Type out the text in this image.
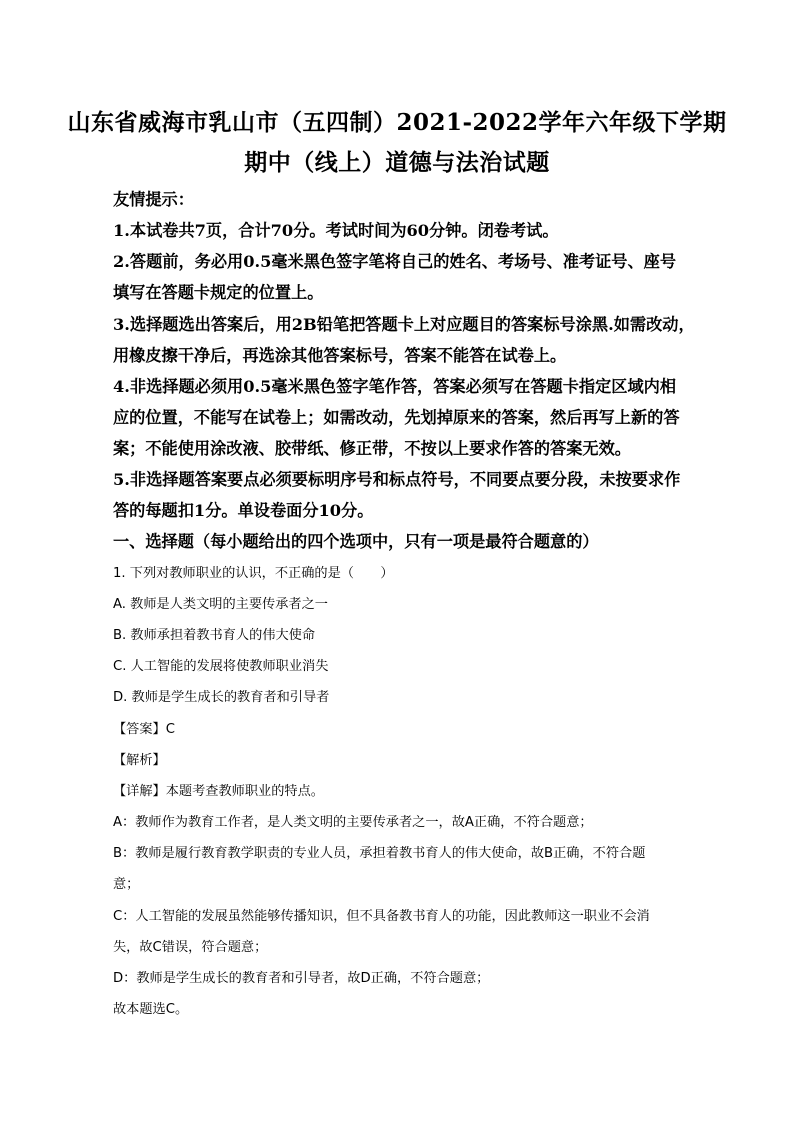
山东省威海市乳山市（五四制）2021-2022学年六年级下学期
期中（线上）道德与法治试题
友情提示：
1.本试卷共7页，合计70分。考试时间为60分钟。闭卷考试。
2.答题前，务必用0.5毫米黑色签字笔将自己的姓名、考场号、准考证号、座号
填写在答题卡规定的位置上。
3.选择题选出答案后，用2B铅笔把答题卡上对应题目的答案标号涂黑.如需改动，
用橡皮擦干净后，再选涂其他答案标号，答案不能答在试卷上。
4.非选择题必须用0.5毫米黑色签字笔作答，答案必须写在答题卡指定区域内相
应的位置，不能写在试卷上；如需改动，先划掉原来的答案，然后再写上新的答
案；不能使用涂改液、胶带纸、修正带，不按以上要求作答的答案无效。
5.非选择题答案要点必须要标明序号和标点符号，不同要点要分段，未按要求作
答的每题扣1分。单设卷面分10分。
一、选择题（每小题给出的四个选项中，只有一项是最符合题意的）
1. 下列对教师职业的认识，不正确的是（　　）
A. 教师是人类文明的主要传承者之一
B. 教师承担着教书育人的伟大使命
C. 人工智能的发展将使教师职业消失
D. 教师是学生成长的教育者和引导者
【答案】C
【解析】
【详解】本题考查教师职业的特点。
A：教师作为教育工作者，是人类文明的主要传承者之一，故A正确，不符合题意；
B：教师是履行教育教学职责的专业人员，承担着教书育人的伟大使命，故B正确，不符合题
意；
C：人工智能的发展虽然能够传播知识，但不具备教书育人的功能，因此教师这一职业不会消
失，故C错误，符合题意；
D：教师是学生成长的教育者和引导者，故D正确，不符合题意；
故本题选C。
